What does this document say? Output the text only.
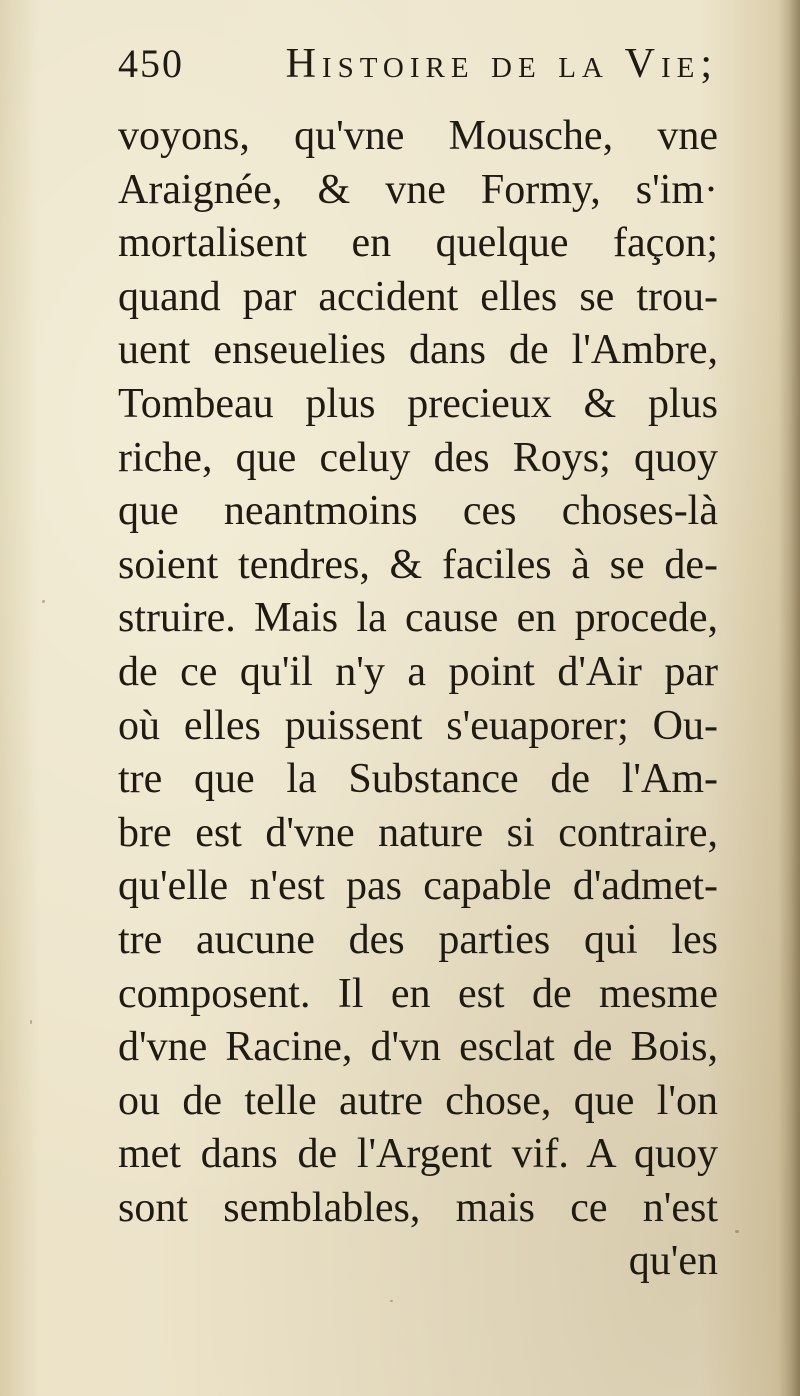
450 Histoire de la Vie;
voyons, qu'vne Mousche, vne
Araignée, & vne Formy, s'im·
mortalisent en quelque façon;
quand par accident elles se trou-
uent enseuelies dans de l'Ambre,
Tombeau plus precieux & plus
riche, que celuy des Roys; quoy
que neantmoins ces choses-là
soient tendres, & faciles à se de-
struire. Mais la cause en procede,
de ce qu'il n'y a point d'Air par
où elles puissent s'euaporer; Ou-
tre que la Substance de l'Am-
bre est d'vne nature si contraire,
qu'elle n'est pas capable d'admet-
tre aucune des parties qui les
composent. Il en est de mesme
d'vne Racine, d'vn esclat de Bois,
ou de telle autre chose, que l'on
met dans de l'Argent vif. A quoy
sont semblables, mais ce n'est
qu'en
